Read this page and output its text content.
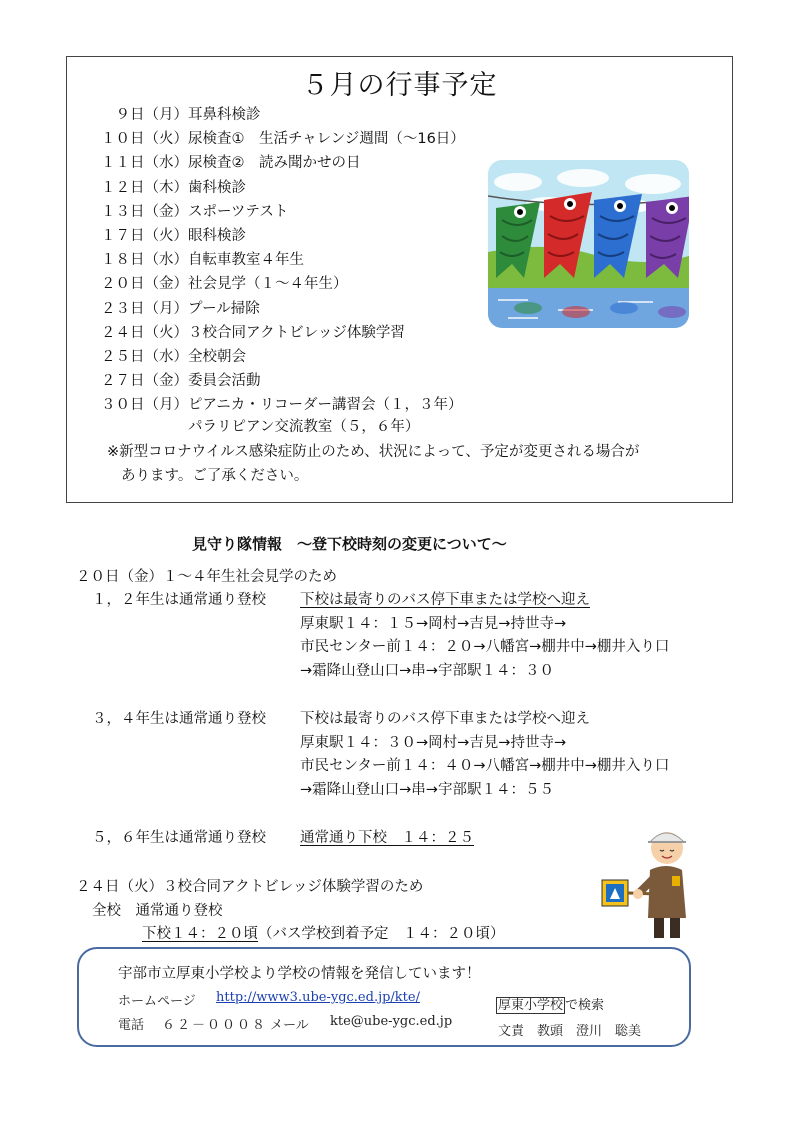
５月の行事予定
９日（月） 耳鼻科検診
１０日（火） 尿検査①　生活チャレンジ週間（～16日）
１１日（水） 尿検査②　読み聞かせの日
１２日（木） 歯科検診
１３日（金） スポーツテスト
１７日（火） 眼科検診
１８日（水） 自転車教室４年生
２０日（金） 社会見学（１～４年生）
２３日（月） プール掃除
２４日（火） ３校合同アクトビレッジ体験学習
２５日（水） 全校朝会
２７日（金） 委員会活動
３０日（月） ピアニカ・リコーダー講習会（１，３年）
パラリピアン交流教室（５，６年）
※新型コロナウイルス感染症防止のため、状況によって、予定が変更される場合が
あります。ご了承ください。
見守り隊情報　～登下校時刻の変更について～
２０日（金）１～４年生社会見学のため
１，２年生は通常通り登校 下校は最寄りのバス停下車または学校へ迎え
厚東駅１４：１５→岡村→吉見→持世寺→
市民センター前１４：２０→八幡宮→棚井中→棚井入り口
→霜降山登山口→串→宇部駅１４：３０
３，４年生は通常通り登校 下校は最寄りのバス停下車または学校へ迎え
厚東駅１４：３０→岡村→吉見→持世寺→
市民センター前１４：４０→八幡宮→棚井中→棚井入り口
→霜降山登山口→串→宇部駅１４：５５
５，６年生は通常通り登校 通常通り下校　１４：２５
２４日（火）３校合同アクトビレッジ体験学習のため
全校　通常通り登校
下校１４：２０頃（バス学校到着予定　１４：２０頃）
宇部市立厚東小学校より学校の情報を発信しています！
ホームページ http://www3.ube-ygc.ed.jp/kte/
厚東小学校 で検索
電話 ６２－０００８ メール kte@ube-ygc.ed.jp
文責　教頭　澄川　聡美
